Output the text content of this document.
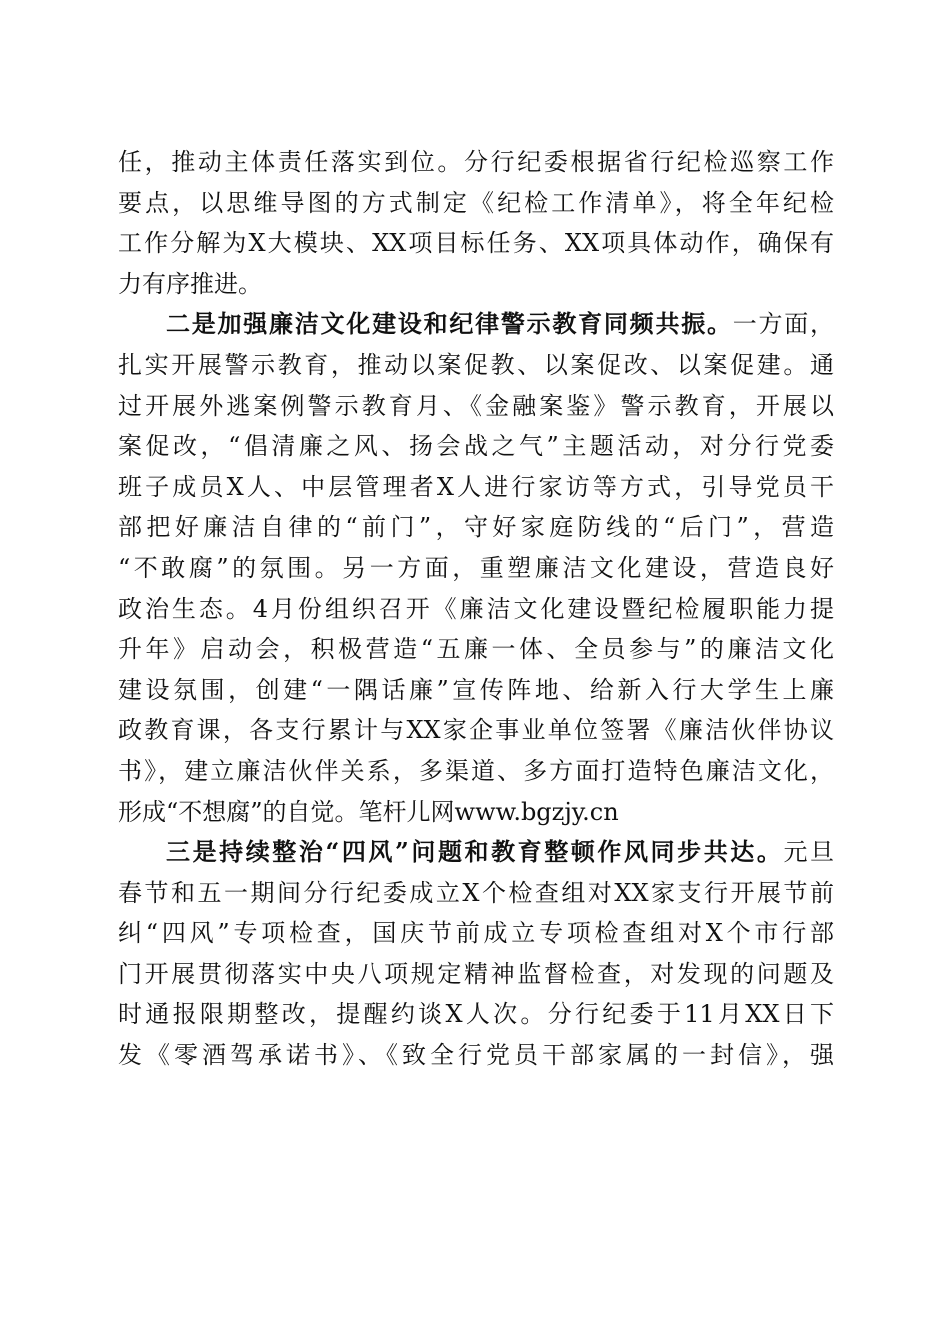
任，推动主体责任落实到位。分行纪委根据省行纪检巡察工作
要点，以思维导图的方式制定《纪检工作清单》，将全年纪检
工作分解为X大模块、XX项目标任务、XX项具体动作，确保有
力有序推进。

二是加强廉洁文化建设和纪律警示教育同频共振。一方面，
扎实开展警示教育，推动以案促教、以案促改、以案促建。通
过开展外逃案例警示教育月、《金融案鉴》警示教育，开展以
案促改，“倡清廉之风、扬会战之气”主题活动，对分行党委
班子成员X人、中层管理者X人进行家访等方式，引导党员干
部把好廉洁自律的“前门”，守好家庭防线的“后门”，营造
“不敢腐”的氛围。另一方面，重塑廉洁文化建设，营造良好
政治生态。4月份组织召开《廉洁文化建设暨纪检履职能力提
升年》启动会，积极营造“五廉一体、全员参与”的廉洁文化
建设氛围，创建“一隅话廉”宣传阵地、给新入行大学生上廉
政教育课，各支行累计与XX家企事业单位签署《廉洁伙伴协议
书》，建立廉洁伙伴关系，多渠道、多方面打造特色廉洁文化，
形成“不想腐”的自觉。笔杆儿网www.bgzjy.cn

三是持续整治“四风”问题和教育整顿作风同步共达。元旦
春节和五一期间分行纪委成立X个检查组对XX家支行开展节前
纠“四风”专项检查，国庆节前成立专项检查组对X个市行部
门开展贯彻落实中央八项规定精神监督检查，对发现的问题及
时通报限期整改，提醒约谈X人次。分行纪委于11月XX日下
发《零酒驾承诺书》、《致全行党员干部家属的一封信》，强
